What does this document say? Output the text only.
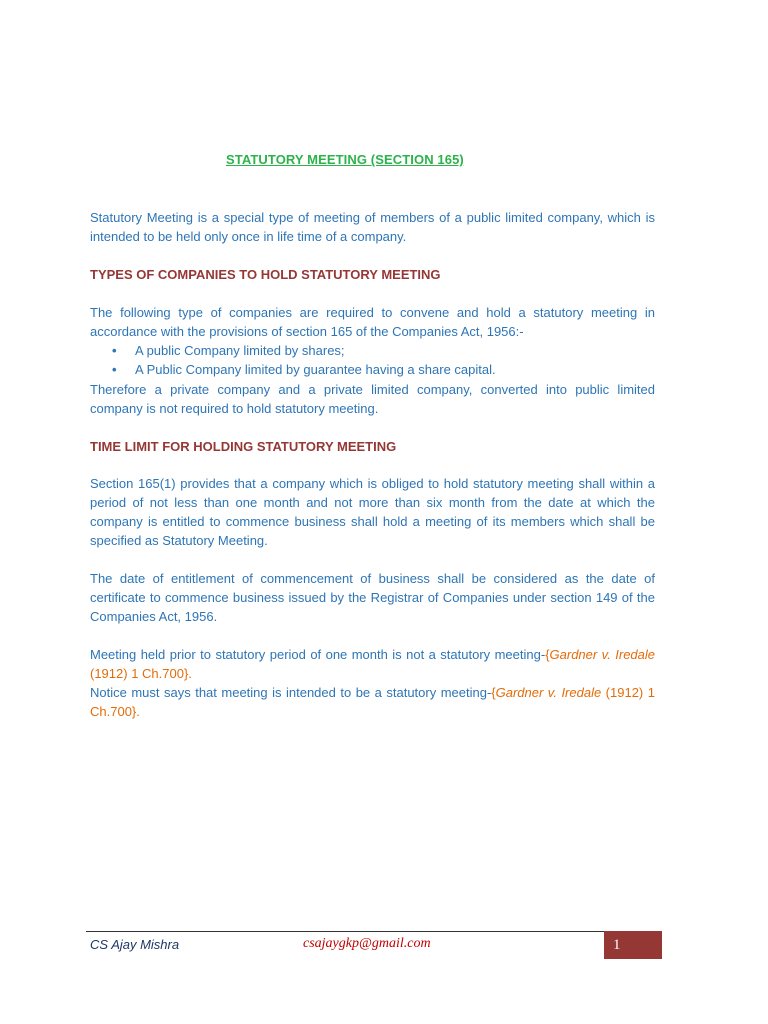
STATUTORY MEETING (SECTION 165)

Statutory Meeting is a special type of meeting of members of a public limited company, which is intended to be held only once in life time of a company.

TYPES OF COMPANIES TO HOLD STATUTORY MEETING

The following type of companies are required to convene and hold a statutory meeting in accordance with the provisions of section 165 of the Companies Act, 1956:-

• A public Company limited by shares;
• A Public Company limited by guarantee having a share capital.

Therefore a private company and a private limited company, converted into public limited company is not required to hold statutory meeting.

TIME LIMIT FOR HOLDING STATUTORY MEETING

Section 165(1) provides that a company which is obliged to hold statutory meeting shall within a period of not less than one month and not more than six month from the date at which the company is entitled to commence business shall hold a meeting of its members which shall be specified as Statutory Meeting.

The date of entitlement of commencement of business shall be considered as the date of certificate to commence business issued by the Registrar of Companies under section 149 of the Companies Act, 1956.

Meeting held prior to statutory period of one month is not a statutory meeting-{Gardner v. Iredale (1912) 1 Ch.700}.

Notice must says that meeting is intended to be a statutory meeting-{Gardner v. Iredale (1912) 1 Ch.700}.

CS Ajay Mishra	csajaygkp@gmail.com	1
